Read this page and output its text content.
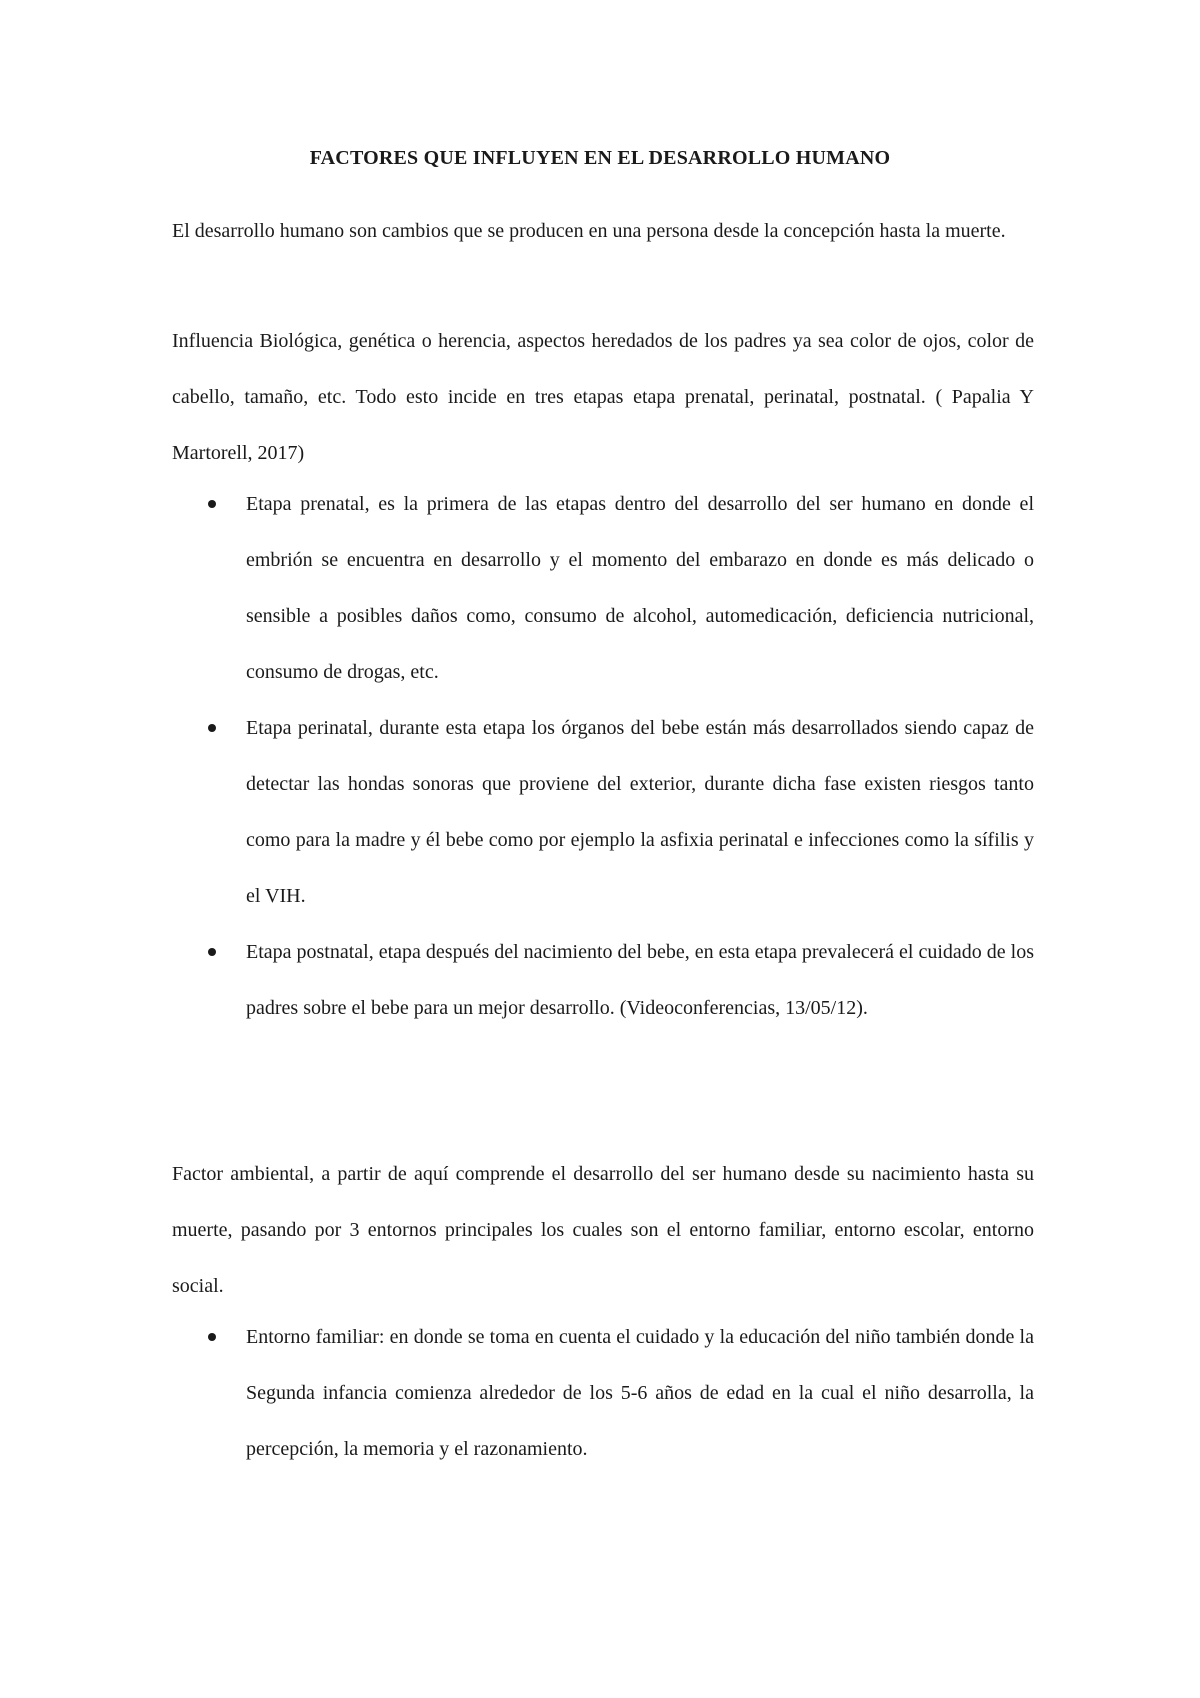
FACTORES QUE INFLUYEN EN EL DESARROLLO HUMANO

El desarrollo humano son cambios que se producen en una persona desde la concepción hasta la muerte.

Influencia Biológica, genética o herencia, aspectos heredados de los padres ya sea color de ojos, color de cabello, tamaño, etc. Todo esto incide en tres etapas etapa prenatal, perinatal, postnatal. ( Papalia Y Martorell, 2017)

Etapa prenatal, es la primera de las etapas dentro del desarrollo del ser humano en donde el embrión se encuentra en desarrollo y el momento del embarazo en donde es más delicado o sensible a posibles daños como, consumo de alcohol, automedicación, deficiencia nutricional, consumo de drogas, etc.
Etapa perinatal, durante esta etapa los órganos del bebe están más desarrollados siendo capaz de detectar las hondas sonoras que proviene del exterior, durante dicha fase existen riesgos tanto como para la madre y él bebe como por ejemplo la asfixia perinatal e infecciones como la sífilis y el VIH.
Etapa postnatal, etapa después del nacimiento del bebe, en esta etapa prevalecerá el cuidado de los padres sobre el bebe para un mejor desarrollo. (Videoconferencias, 13/05/12).

Factor ambiental, a partir de aquí comprende el desarrollo del ser humano desde su nacimiento hasta su muerte, pasando por 3 entornos principales los cuales son el entorno familiar, entorno escolar, entorno social.

Entorno familiar: en donde se toma en cuenta el cuidado y la educación del niño también donde la Segunda infancia comienza alrededor de los 5-6 años de edad en la cual el niño desarrolla, la percepción, la memoria y el razonamiento.
